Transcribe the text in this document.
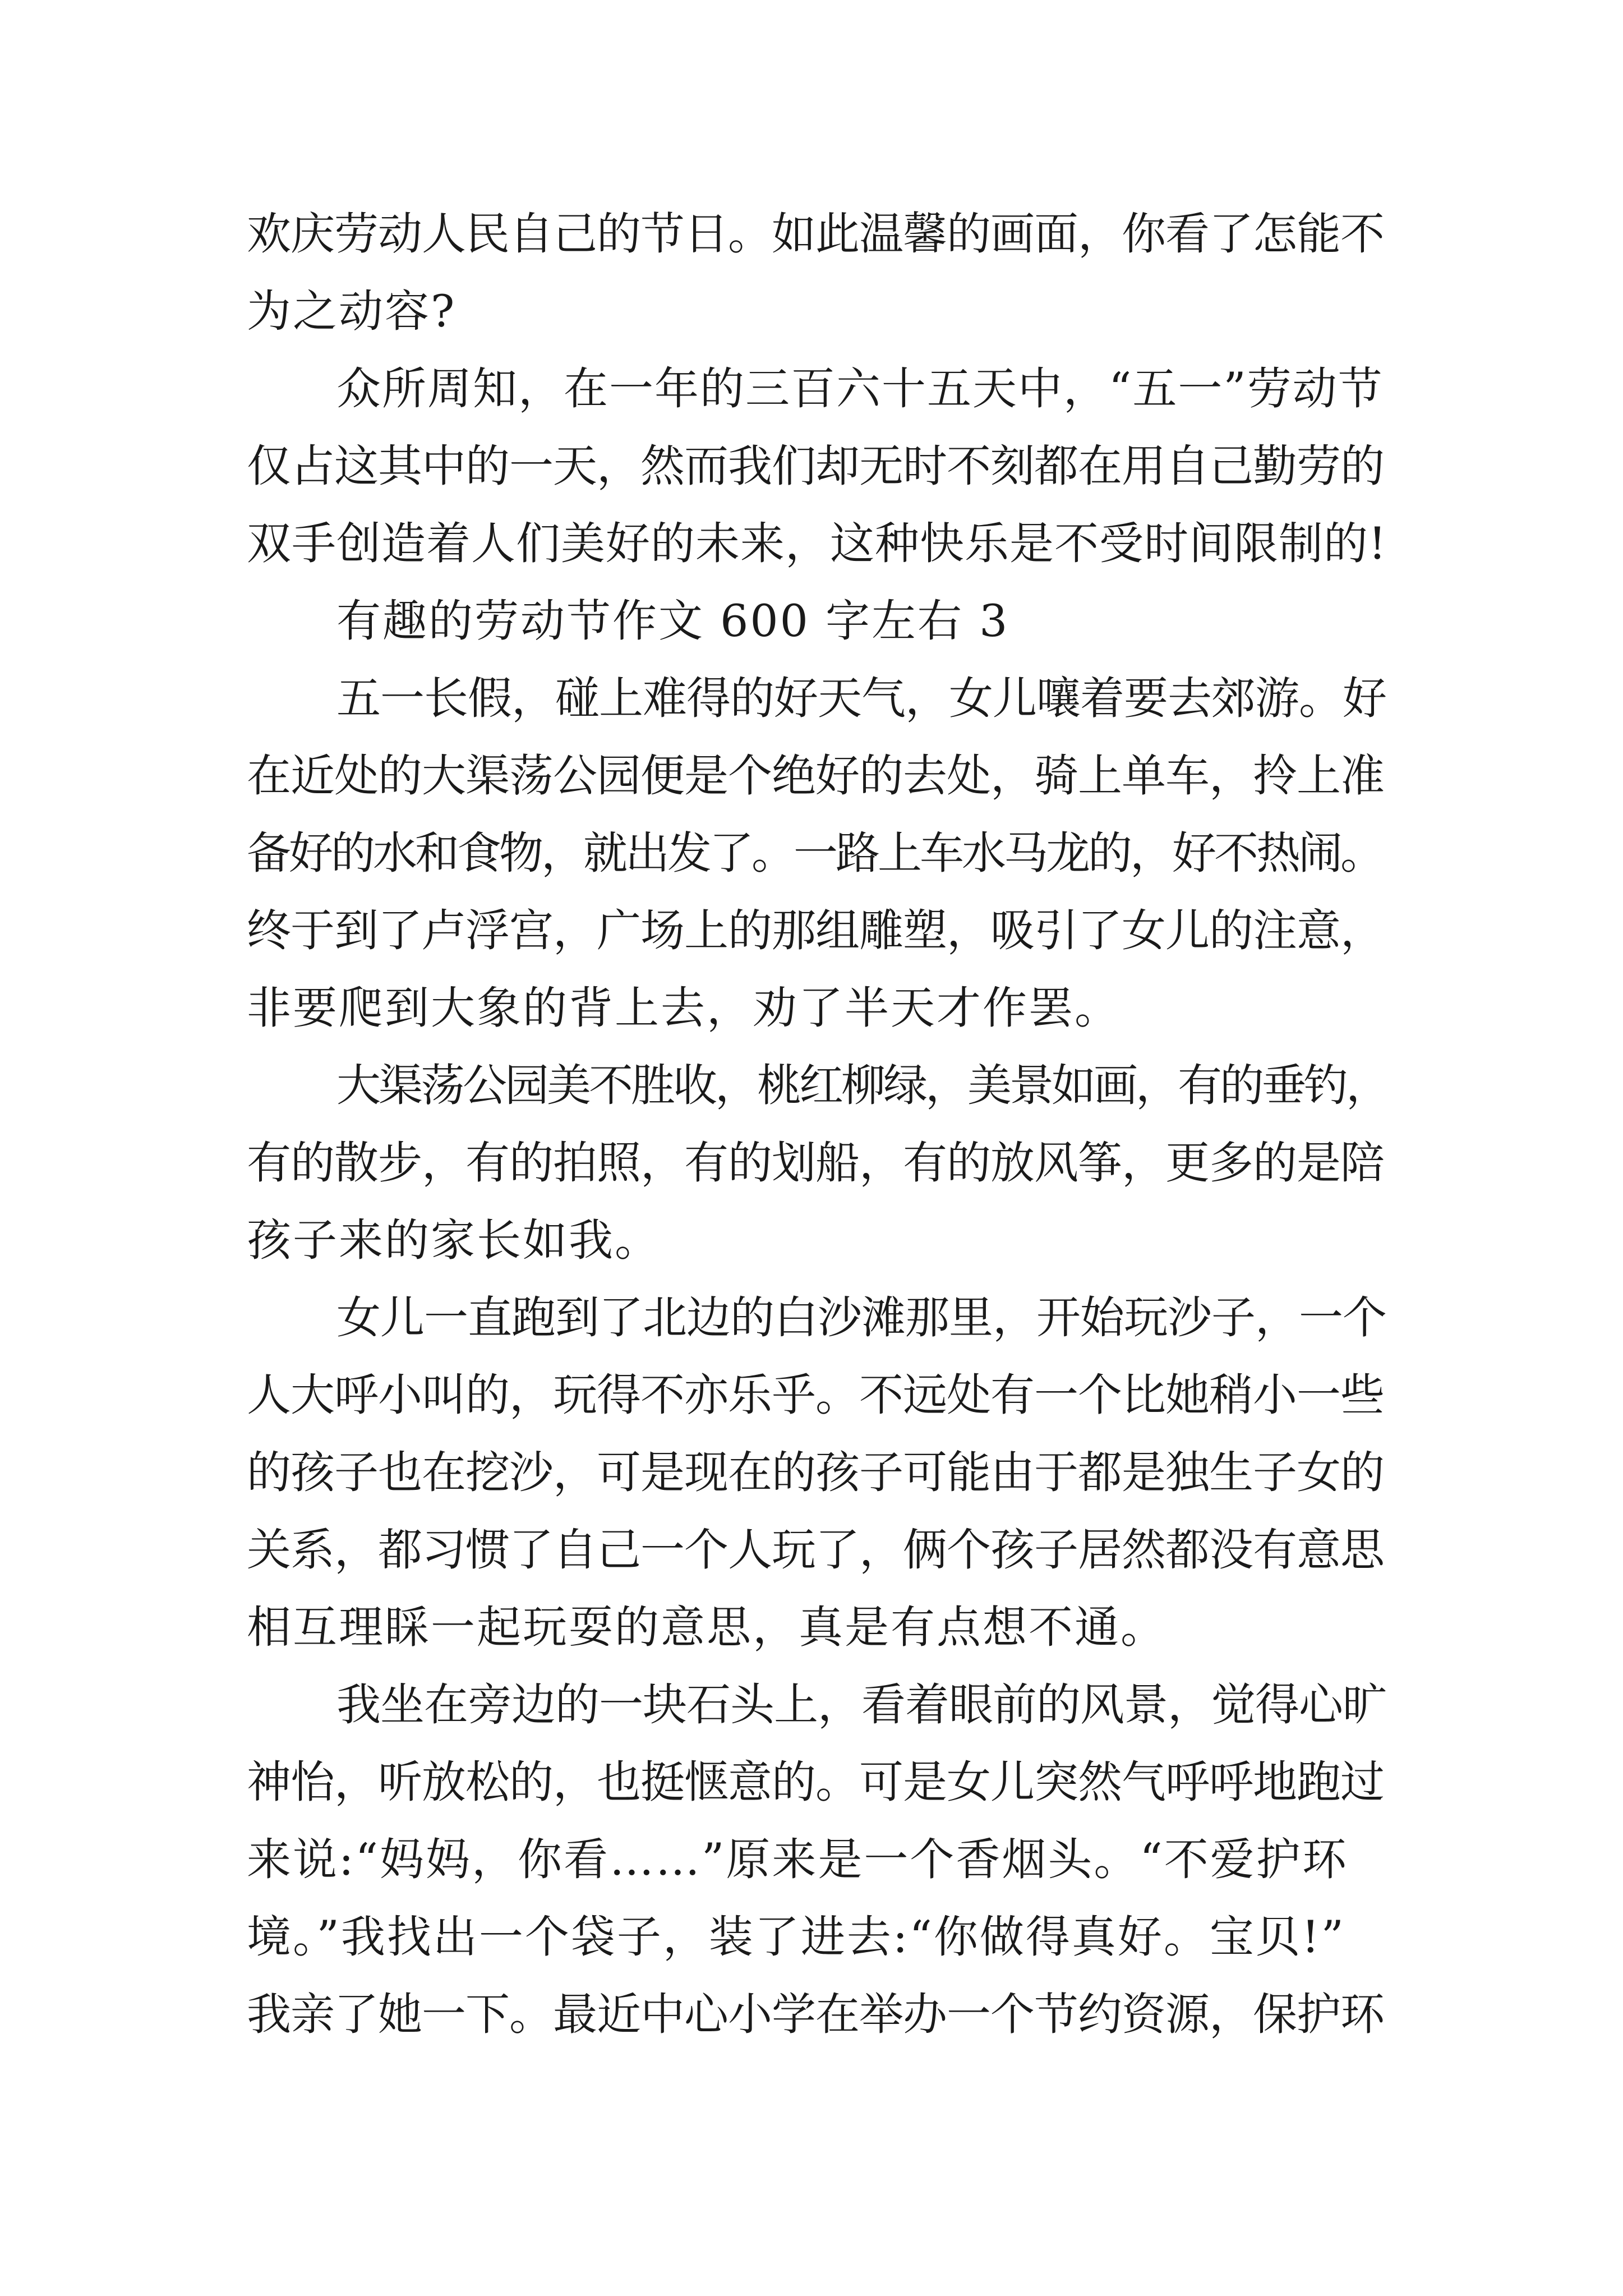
欢庆劳动人民自己的节日。如此温馨的画面，你看了怎能不
为之动容?
众所周知，在一年的三百六十五天中，“五一”劳动节
仅占这其中的一天，然而我们却无时不刻都在用自己勤劳的
双手创造着人们美好的未来，这种快乐是不受时间限制的!
有趣的劳动节作文 600 字左右 3
五一长假，碰上难得的好天气，女儿嚷着要去郊游。好
在近处的大渠荡公园便是个绝好的去处，骑上单车，拎上准
备好的水和食物，就出发了。一路上车水马龙的，好不热闹。
终于到了卢浮宫，广场上的那组雕塑，吸引了女儿的注意，
非要爬到大象的背上去，劝了半天才作罢。
大渠荡公园美不胜收，桃红柳绿，美景如画，有的垂钓，
有的散步，有的拍照，有的划船，有的放风筝，更多的是陪
孩子来的家长如我。
女儿一直跑到了北边的白沙滩那里，开始玩沙子，一个
人大呼小叫的，玩得不亦乐乎。不远处有一个比她稍小一些
的孩子也在挖沙，可是现在的孩子可能由于都是独生子女的
关系，都习惯了自己一个人玩了，俩个孩子居然都没有意思
相互理睬一起玩耍的意思，真是有点想不通。
我坐在旁边的一块石头上，看着眼前的风景，觉得心旷
神怡，听放松的，也挺惬意的。可是女儿突然气呼呼地跑过
来说:“妈妈，你看……”原来是一个香烟头。“不爱护环
境。”我找出一个袋子，装了进去:“你做得真好。宝贝!”
我亲了她一下。最近中心小学在举办一个节约资源，保护环
